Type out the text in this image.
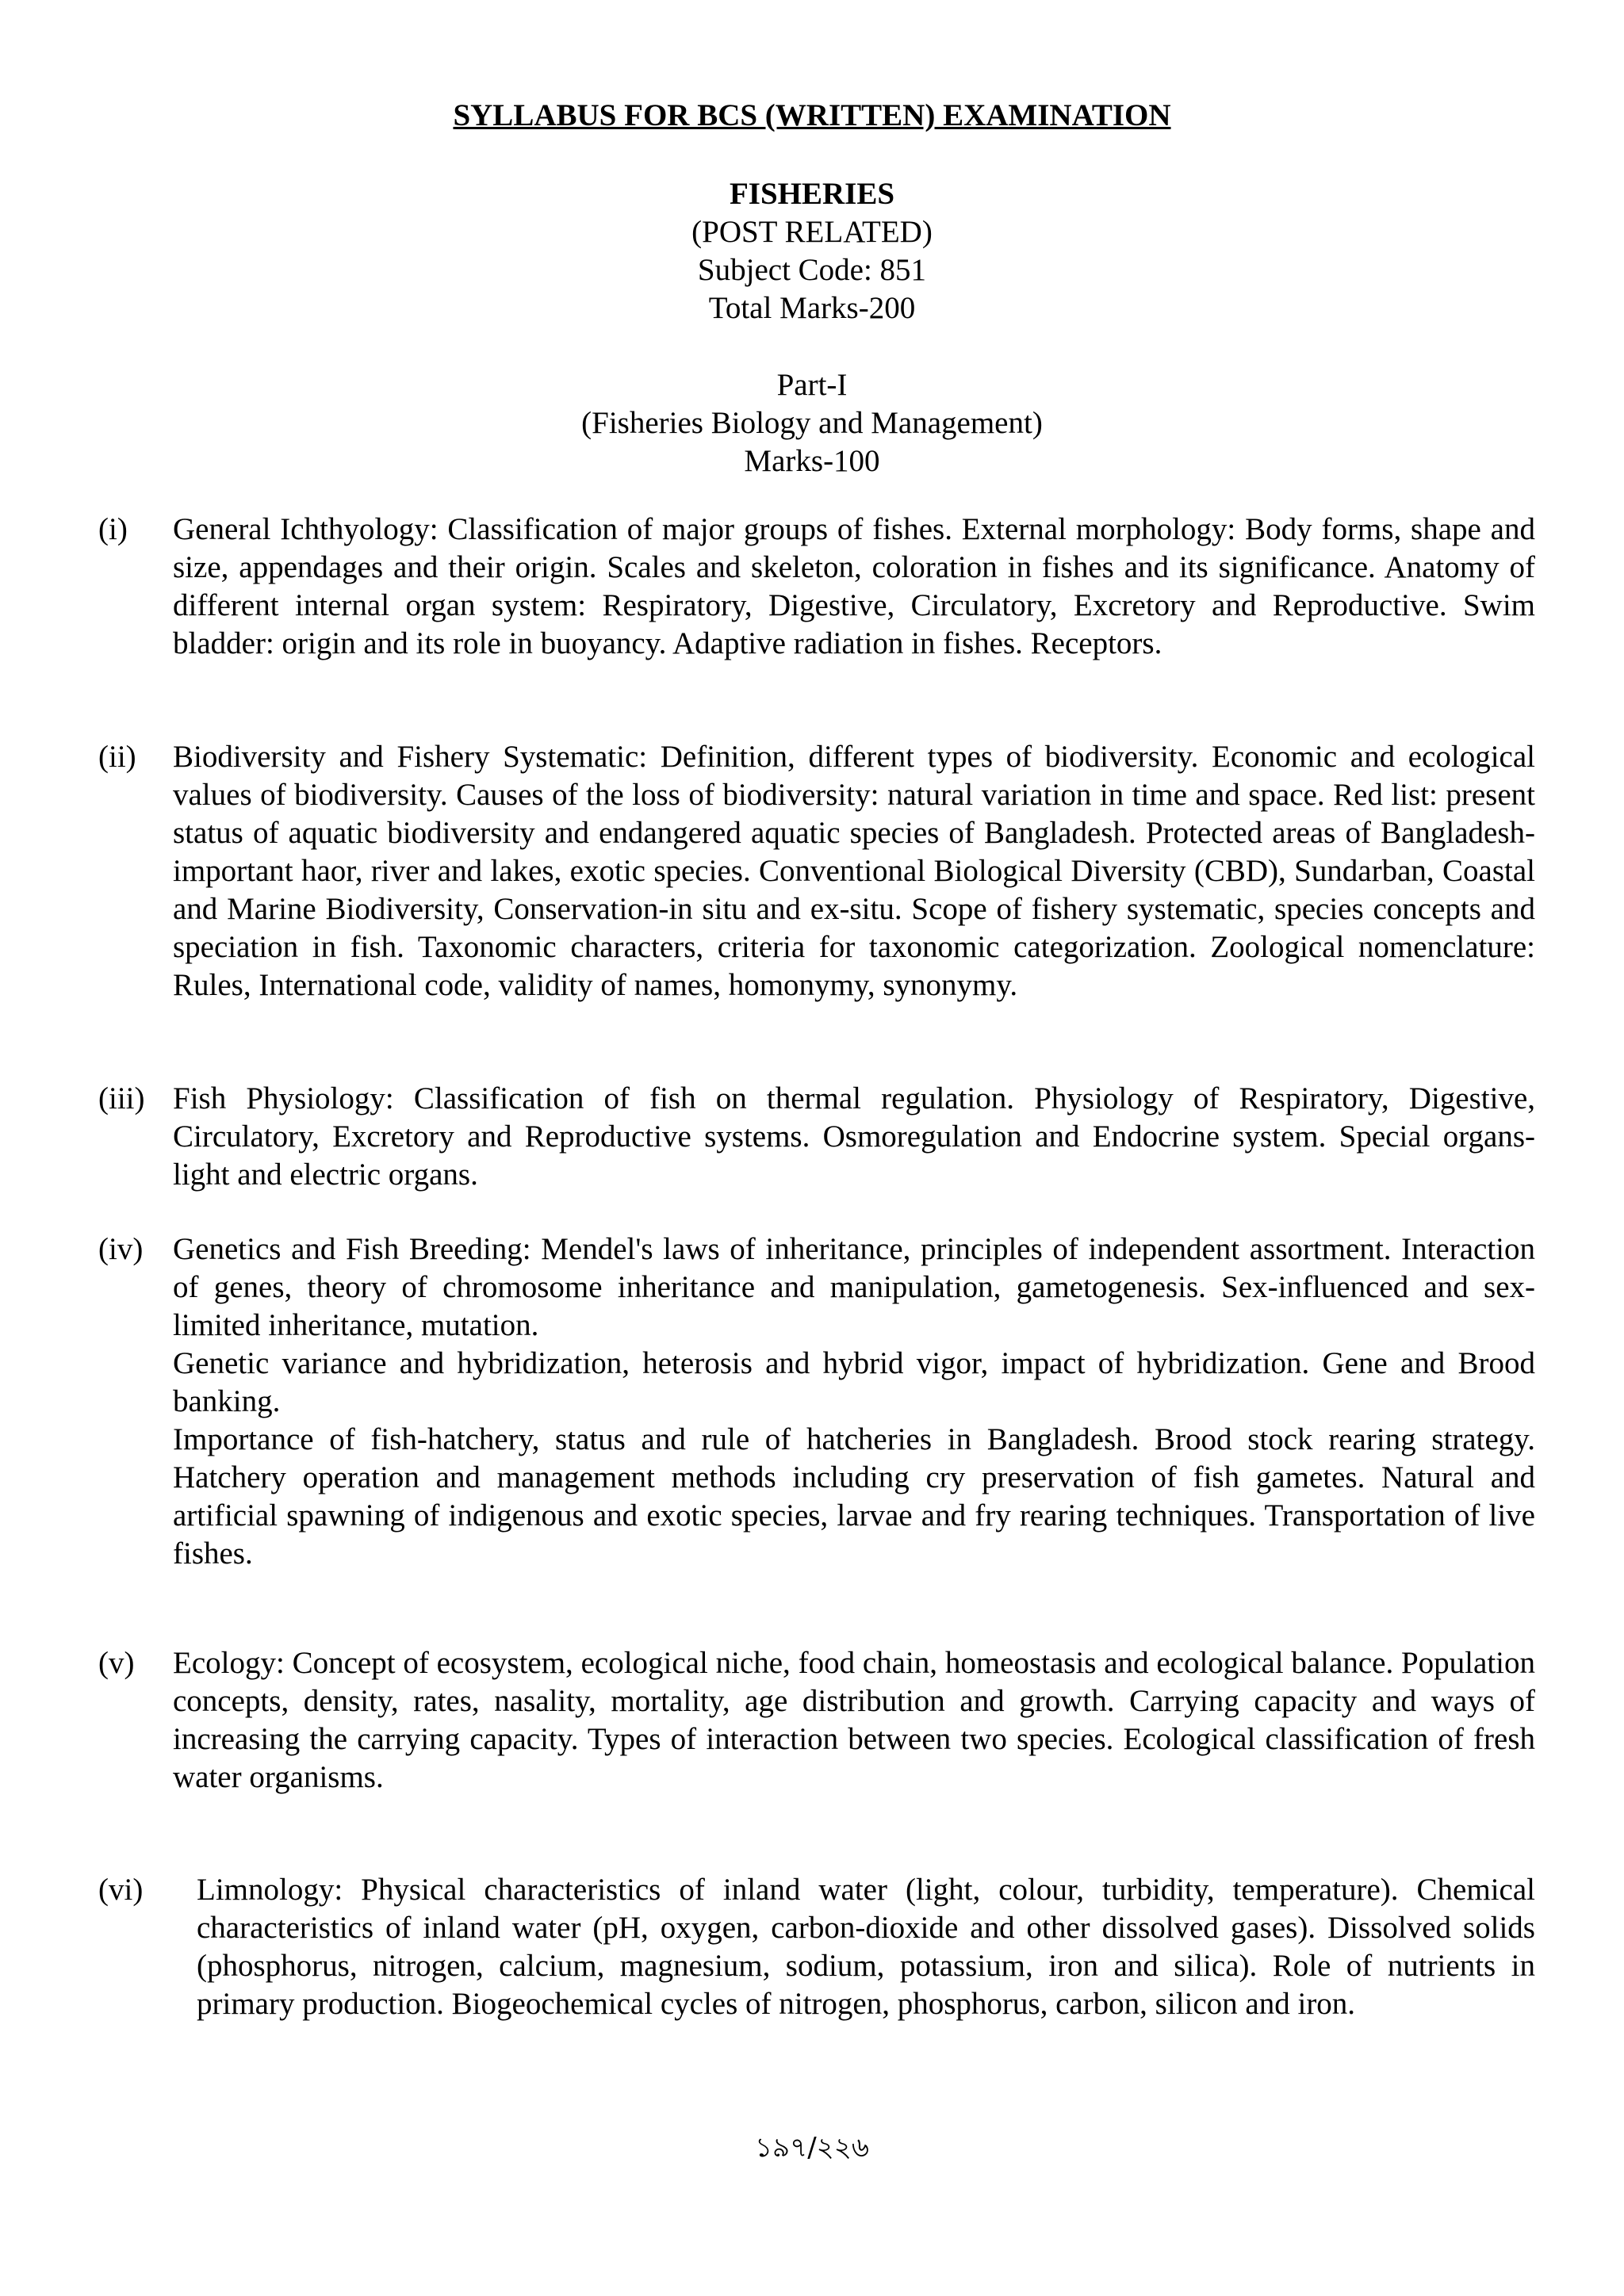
SYLLABUS FOR BCS (WRITTEN) EXAMINATION
FISHERIES
(POST RELATED)
Subject Code: 851
Total Marks-200
Part-I
(Fisheries Biology and Management)
Marks-100
(i) General Ichthyology: Classification of major groups of fishes. External morphology: Body forms, shape and size, appendages and their origin. Scales and skeleton, coloration in fishes and its significance. Anatomy of different internal organ system: Respiratory, Digestive, Circulatory, Excretory and Reproductive. Swim bladder: origin and its role in buoyancy. Adaptive radiation in fishes. Receptors.

(ii) Biodiversity and Fishery Systematic: Definition, different types of biodiversity. Economic and ecological values of biodiversity. Causes of the loss of biodiversity: natural variation in time and space. Red list: present status of aquatic biodiversity and endangered aquatic species of Bangladesh. Protected areas of Bangladesh-important haor, river and lakes, exotic species. Conventional Biological Diversity (CBD), Sundarban, Coastal and Marine Biodiversity, Conservation-in situ and ex-situ. Scope of fishery systematic, species concepts and speciation in fish. Taxonomic characters, criteria for taxonomic categorization. Zoological nomenclature: Rules, International code, validity of names, homonymy, synonymy.

(iii) Fish Physiology: Classification of fish on thermal regulation. Physiology of Respiratory, Digestive, Circulatory, Excretory and Reproductive systems. Osmoregulation and Endocrine system. Special organs-light and electric organs.

(iv) Genetics and Fish Breeding: Mendel's laws of inheritance, principles of independent assortment. Interaction of genes, theory of chromosome inheritance and manipulation, gametogenesis. Sex-influenced and sex-limited inheritance, mutation.

Genetic variance and hybridization, heterosis and hybrid vigor, impact of hybridization. Gene and Brood banking.

Importance of fish-hatchery, status and rule of hatcheries in Bangladesh. Brood stock rearing strategy. Hatchery operation and management methods including cry preservation of fish gametes. Natural and artificial spawning of indigenous and exotic species, larvae and fry rearing techniques. Transportation of live fishes.

(v) Ecology: Concept of ecosystem, ecological niche, food chain, homeostasis and ecological balance. Population concepts, density, rates, nasality, mortality, age distribution and growth. Carrying capacity and ways of increasing the carrying capacity. Types of interaction between two species. Ecological classification of fresh water organisms.

(vi) Limnology: Physical characteristics of inland water (light, colour, turbidity, temperature). Chemical characteristics of inland water (pH, oxygen, carbon-dioxide and other dissolved gases). Dissolved solids (phosphorus, nitrogen, calcium, magnesium, sodium, potassium, iron and silica). Role of nutrients in primary production. Biogeochemical cycles of nitrogen, phosphorus, carbon, silicon and iron.

১৯৭/২২৬
